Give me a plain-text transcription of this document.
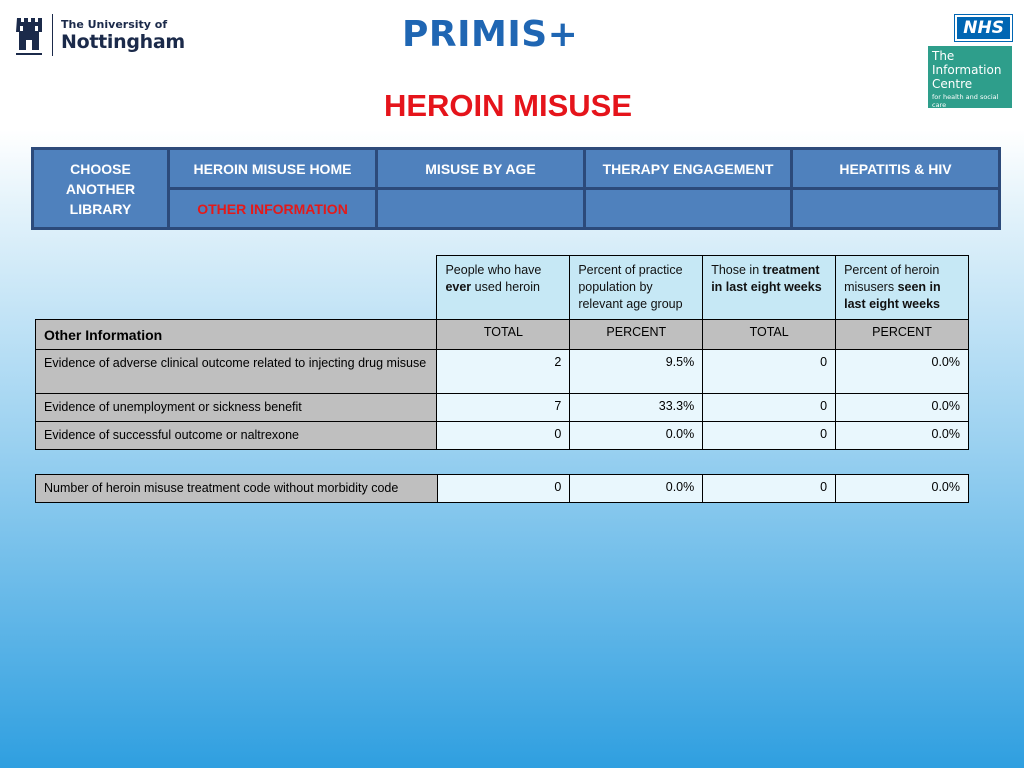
The University of
Nottingham	PRIMIS+	NHS
The
Information
Centre
for health and social care
HEROIN MISUSE
CHOOSE ANOTHER LIBRARY
HEROIN MISUSE HOME	MISUSE BY AGE	THERAPY ENGAGEMENT	HEPATITIS & HIV
OTHER INFORMATION
	People who have ever used heroin	Percent of practice population by relevant age group	Those in treatment in last eight weeks	Percent of heroin misusers seen in last eight weeks
Other Information	TOTAL	PERCENT	TOTAL	PERCENT
Evidence of adverse clinical outcome related to injecting drug misuse	2	9.5%	0	0.0%
Evidence of unemployment or sickness benefit	7	33.3%	0	0.0%
Evidence of successful outcome or naltrexone	0	0.0%	0	0.0%
Number of heroin misuse treatment code without morbidity code	0	0.0%	0	0.0%
